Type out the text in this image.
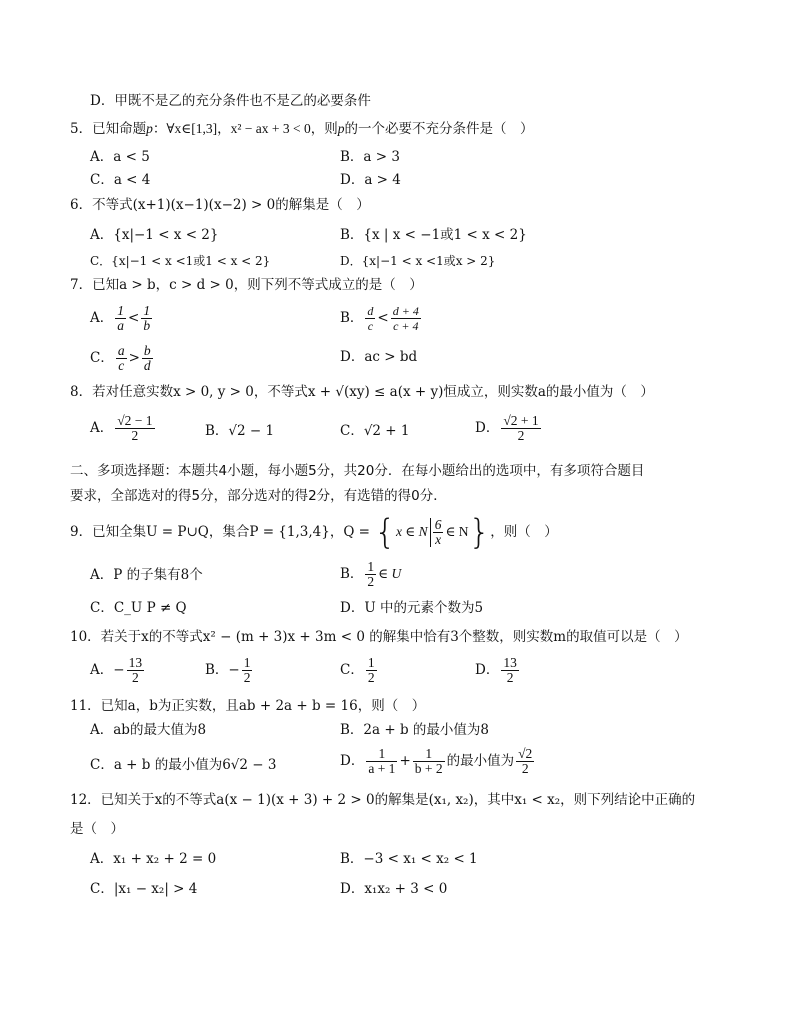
D．甲既不是乙的充分条件也不是乙的必要条件
5．已知命题p：∀x∈[1,3]，x² − ax + 3 < 0，则p的一个必要不充分条件是（　）
A．a < 5	B．a > 3
C．a < 4	D．a > 4
6．不等式(x+1)(x−1)(x−2) > 0的解集是（　）
A．{x|−1 < x < 2}	B．{x | x < −1或1 < x < 2}
C．{x|−1 < x <1或1 < x < 2}	D．{x|−1 < x <1或x > 2}
7．已知a > b，c > d > 0，则下列不等式成立的是（　）
A． $\frac{1}{a} < \frac{1}{b}$	B． $\frac{d}{c} < \frac{d + 4}{c + 4}$
C． $\frac{a}{c} > \frac{b}{d}$	D．ac > bd
8．若对任意实数x > 0, y > 0，不等式x + √(xy) ≤ a(x + y)恒成立，则实数a的最小值为（　）
A． $\frac{√2 - 1}{2}$	B．√2 − 1	C．√2 + 1	D． $\frac{√2 + 1}{2}$
二、多项选择题：本题共4小题，每小题5分，共20分．在每小题给出的选项中，有多项符合题目
要求，全部选对的得5分，部分选对的得2分，有选错的得0分．
9．已知全集U = P∪Q，集合P = {1,3,4}，Q = {x ∈ N $\frac{6}{x}$ ∈ N}，则（　）
A．P 的子集有8个	B． $\frac{1}{2}$ ∈ U
C．C_U P ≠ Q	D．U 中的元素个数为5
10．若关于x的不等式x² − (m + 3)x + 3m < 0 的解集中恰有3个整数，则实数m的取值可以是（　）
A．− $\frac{13}{2}$	B．− $\frac{1}{2}$	C． $\frac{1}{2}$	D． $\frac{13}{2}$
11．已知a，b为正实数，且ab + 2a + b = 16，则（　）
A．ab的最大值为8	B．2a + b 的最小值为8
C．a + b 的最小值为6√2 − 3	D． $\frac{1}{a + 1} + \frac{1}{b + 2}$ 的最小值为 $\frac{√2}{2}$
12．已知关于x的不等式a(x − 1)(x + 3) + 2 > 0的解集是(x₁, x₂)，其中x₁ < x₂，则下列结论中正确的
是（　）
A．x₁ + x₂ + 2 = 0	B．−3 < x₁ < x₂ < 1
C．|x₁ − x₂| > 4	D．x₁x₂ + 3 < 0
